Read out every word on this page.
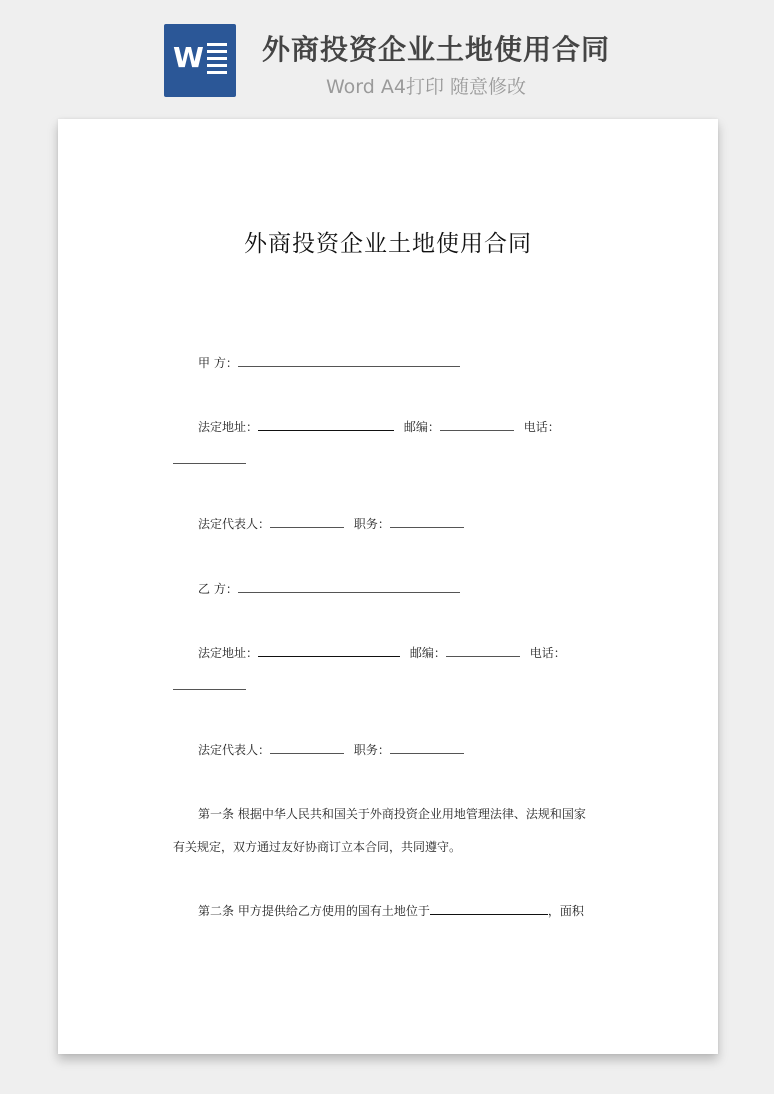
W 外商投资企业土地使用合同
Word A4打印 随意修改
外商投资企业土地使用合同
甲 方：
法定地址：	邮编：	电话：
法定代表人：	职务：
乙 方：
法定地址：	邮编：	电话：
法定代表人：	职务：
第一条 根据中华人民共和国关于外商投资企业用地管理法律、法规和国家
有关规定，双方通过友好协商订立本合同，共同遵守。
第二条 甲方提供给乙方使用的国有土地位于	，面积
